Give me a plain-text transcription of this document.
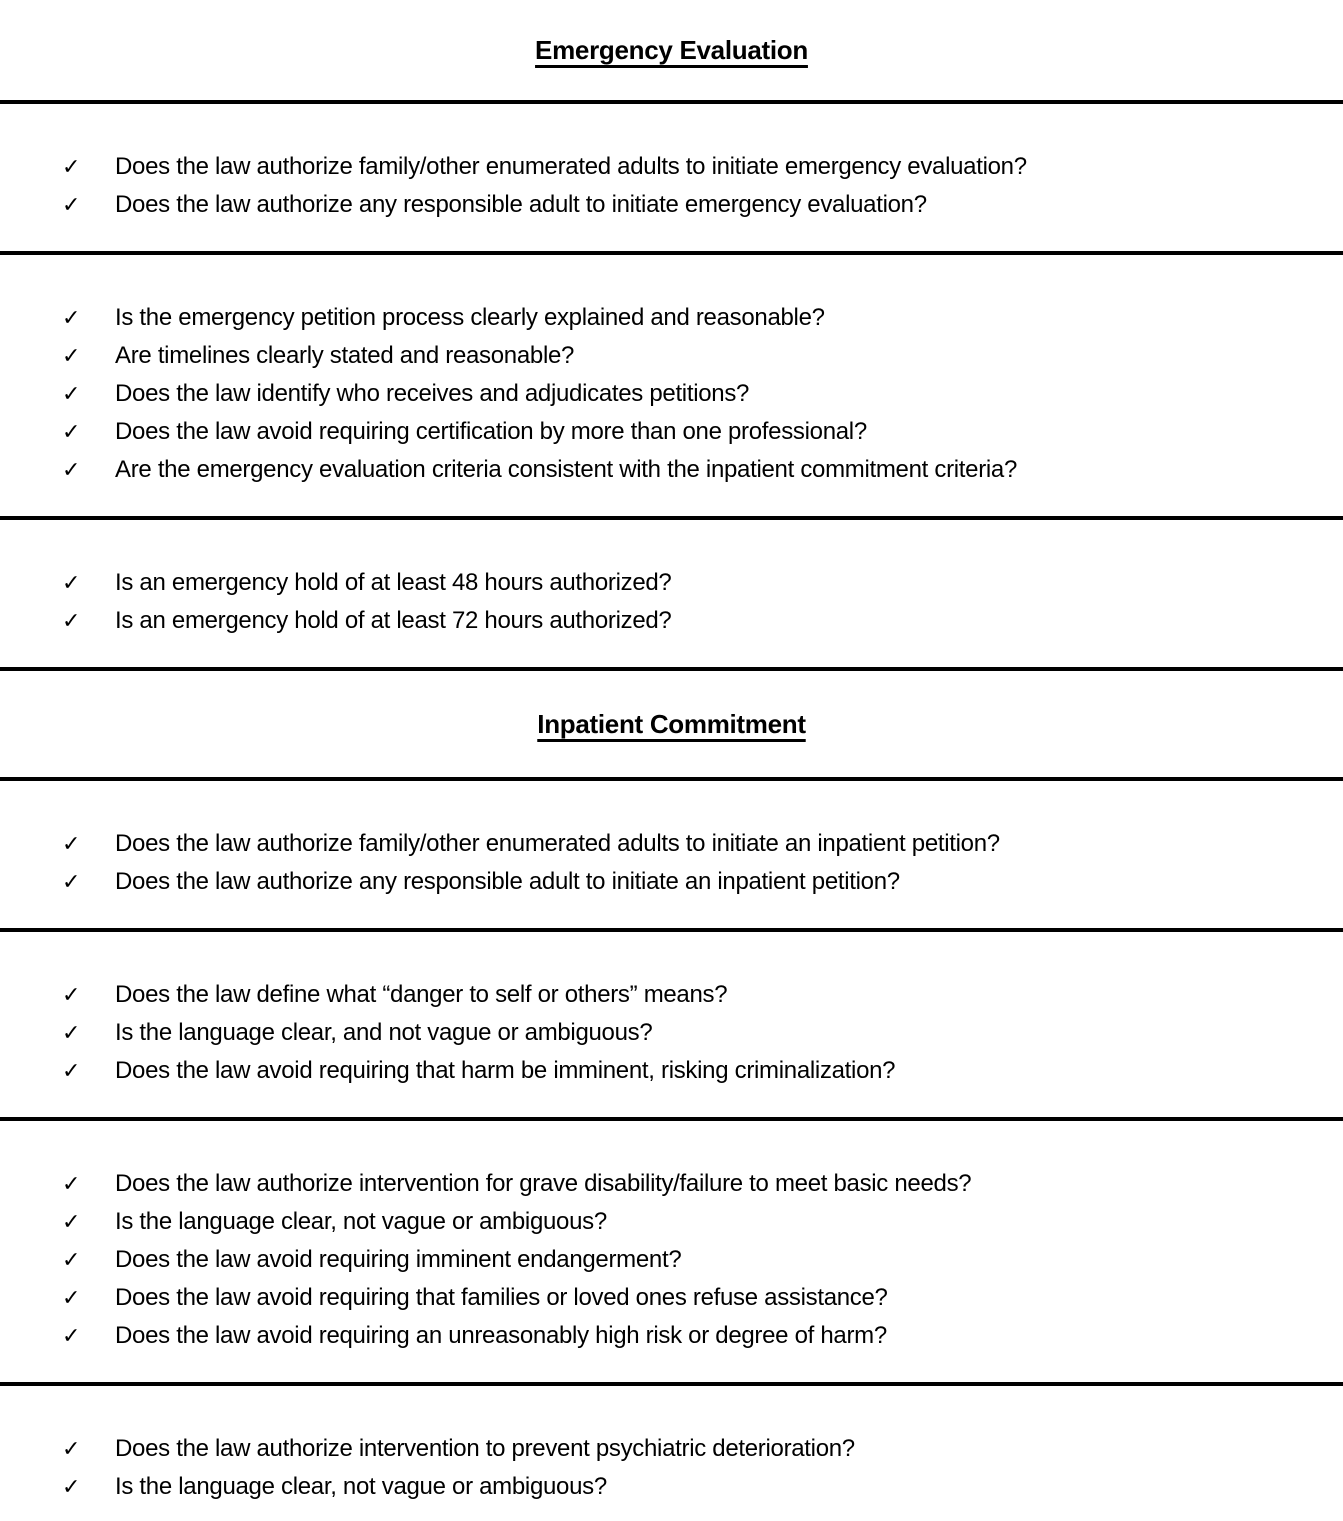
Emergency Evaluation
✓	Does the law authorize family/other enumerated adults to initiate emergency evaluation?
✓	Does the law authorize any responsible adult to initiate emergency evaluation?
✓	Is the emergency petition process clearly explained and reasonable?
✓	Are timelines clearly stated and reasonable?
✓	Does the law identify who receives and adjudicates petitions?
✓	Does the law avoid requiring certification by more than one professional?
✓	Are the emergency evaluation criteria consistent with the inpatient commitment criteria?
✓	Is an emergency hold of at least 48 hours authorized?
✓	Is an emergency hold of at least 72 hours authorized?
Inpatient Commitment
✓	Does the law authorize family/other enumerated adults to initiate an inpatient petition?
✓	Does the law authorize any responsible adult to initiate an inpatient petition?
✓	Does the law define what “danger to self or others” means?
✓	Is the language clear, and not vague or ambiguous?
✓	Does the law avoid requiring that harm be imminent, risking criminalization?
✓	Does the law authorize intervention for grave disability/failure to meet basic needs?
✓	Is the language clear, not vague or ambiguous?
✓	Does the law avoid requiring imminent endangerment?
✓	Does the law avoid requiring that families or loved ones refuse assistance?
✓	Does the law avoid requiring an unreasonably high risk or degree of harm?
✓	Does the law authorize intervention to prevent psychiatric deterioration?
✓	Is the language clear, not vague or ambiguous?
